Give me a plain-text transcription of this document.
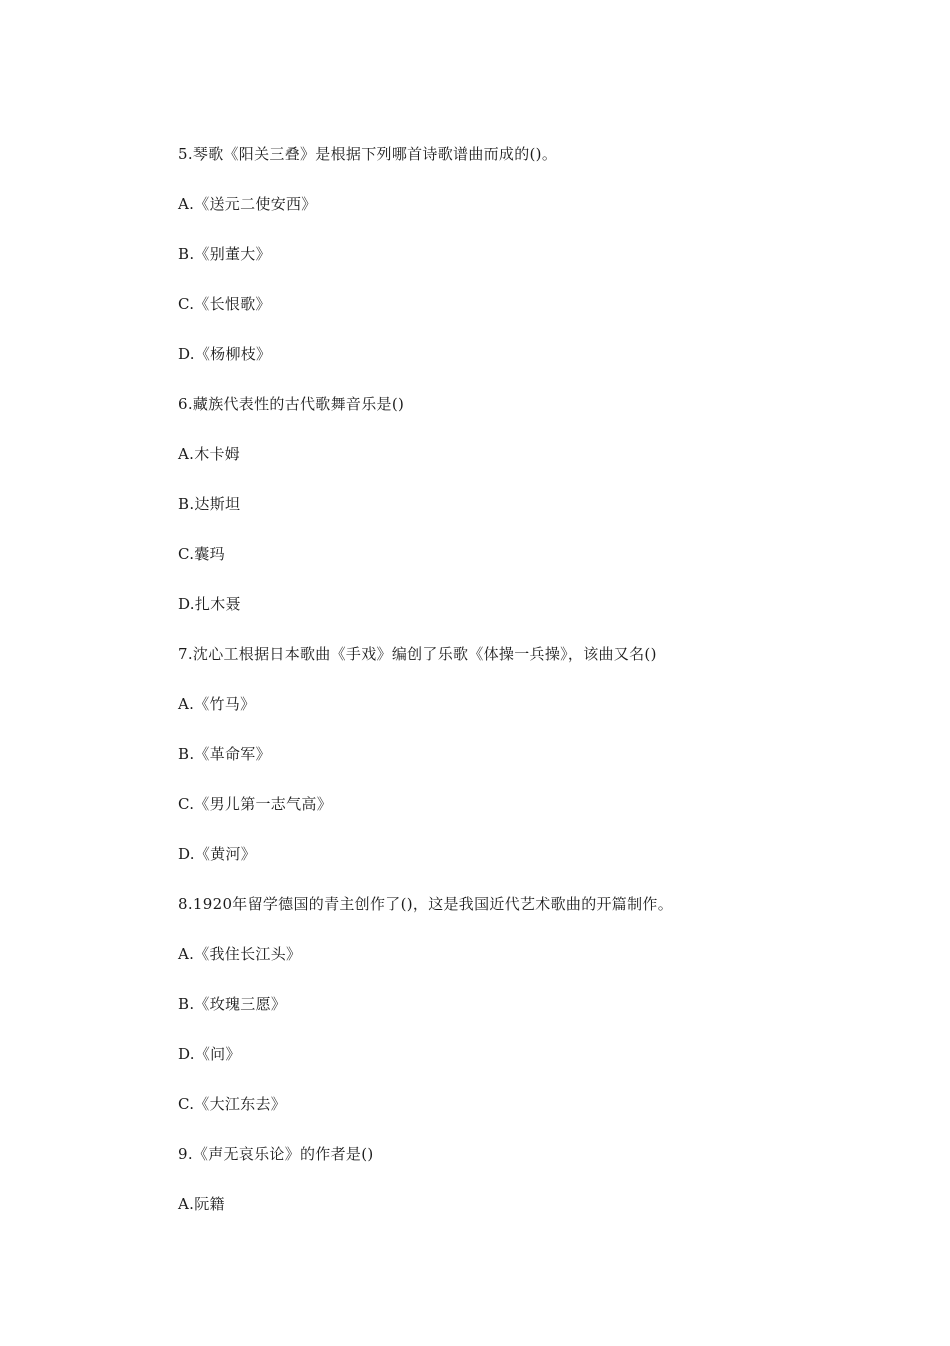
5.琴歌《阳关三叠》是根据下列哪首诗歌谱曲而成的()。
A.《送元二使安西》
B.《别董大》
C.《长恨歌》
D.《杨柳枝》
6.藏族代表性的古代歌舞音乐是()
A.木卡姆
B.达斯坦
C.囊玛
D.扎木聂
7.沈心工根据日本歌曲《手戏》编创了乐歌《体操一兵操》，该曲又名()
A.《竹马》
B.《革命军》
C.《男儿第一志气高》
D.《黄河》
8.1920年留学德国的青主创作了()，这是我国近代艺术歌曲的开篇制作。
A.《我住长江头》
B.《玫瑰三愿》
D.《问》
C.《大江东去》
9.《声无哀乐论》的作者是()
A.阮籍
